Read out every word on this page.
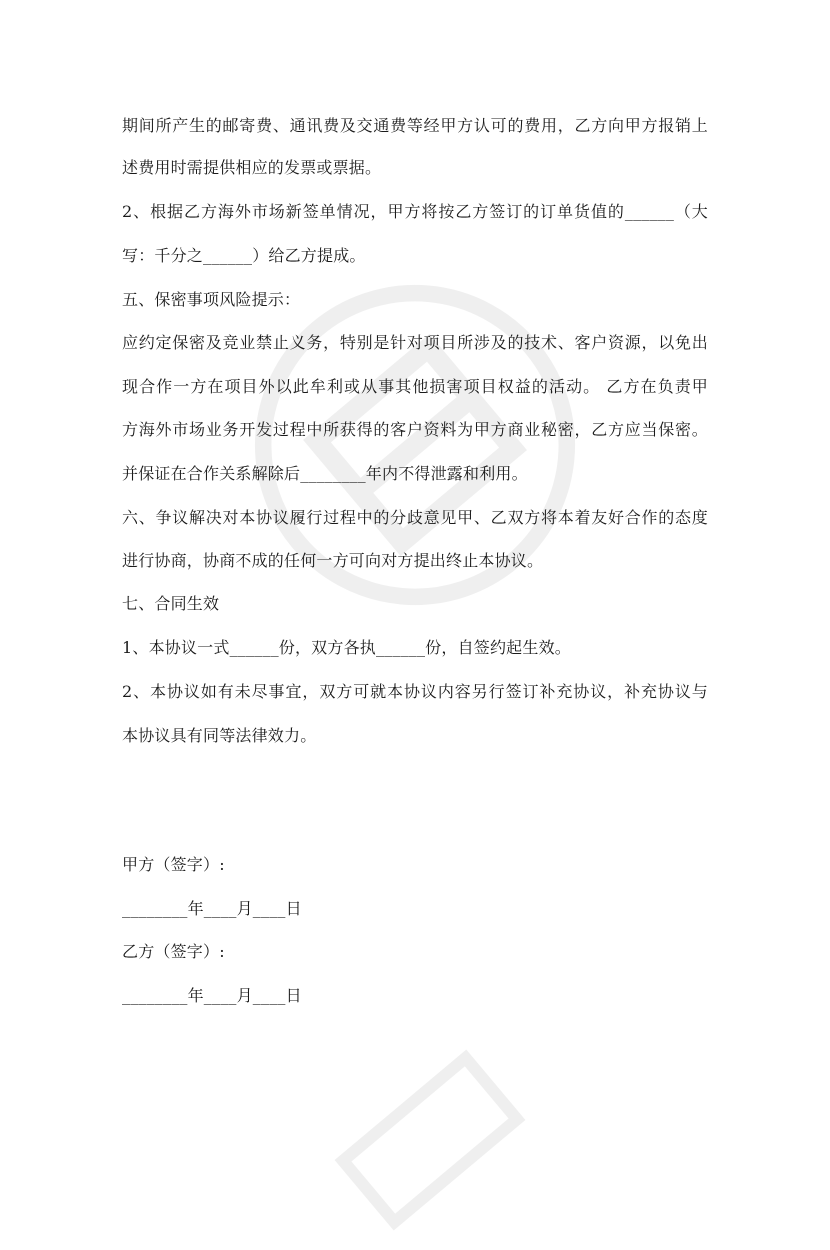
期间所产生的邮寄费、通讯费及交通费等经甲方认可的费用，乙方向甲方报销上
述费用时需提供相应的发票或票据。
2、根据乙方海外市场新签单情况，甲方将按乙方签订的订单货值的______（大
写：千分之______）给乙方提成。
五、保密事项风险提示：
应约定保密及竞业禁止义务，特别是针对项目所涉及的技术、客户资源，以免出
现合作一方在项目外以此牟利或从事其他损害项目权益的活动。 乙方在负责甲
方海外市场业务开发过程中所获得的客户资料为甲方商业秘密，乙方应当保密。
并保证在合作关系解除后________年内不得泄露和利用。
六、争议解决对本协议履行过程中的分歧意见甲、乙双方将本着友好合作的态度
进行协商，协商不成的任何一方可向对方提出终止本协议。
七、合同生效
1、本协议一式______份，双方各执______份，自签约起生效。
2、本协议如有未尽事宜，双方可就本协议内容另行签订补充协议，补充协议与
本协议具有同等法律效力。
甲方（签字）:
________年____月____日
乙方（签字）:
________年____月____日
